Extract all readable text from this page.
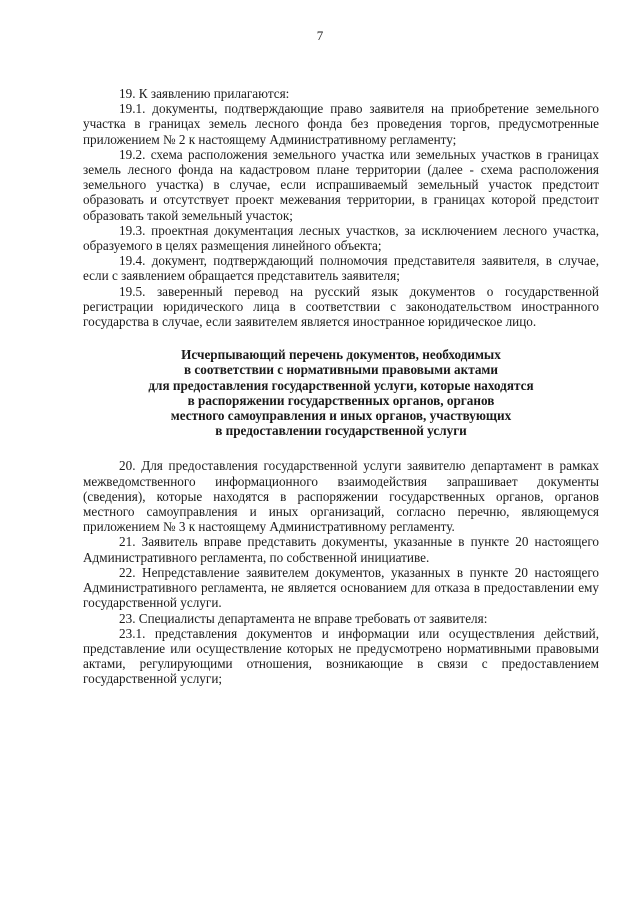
7

19. К заявлению прилагаются:

19.1. документы, подтверждающие право заявителя на приобретение земельного участка в границах земель лесного фонда без проведения торгов, предусмотренные приложением № 2 к настоящему Административному регламенту;

19.2. схема расположения земельного участка или земельных участков в границах земель лесного фонда на кадастровом плане территории (далее - схема расположения земельного участка) в случае, если испрашиваемый земельный участок предстоит образовать и отсутствует проект межевания территории, в границах которой предстоит образовать такой земельный участок;

19.3. проектная документация лесных участков, за исключением лесного участка, образуемого в целях размещения линейного объекта;

19.4. документ, подтверждающий полномочия представителя заявителя, в случае, если с заявлением обращается представитель заявителя;

19.5. заверенный перевод на русский язык документов о государственной регистрации юридического лица в соответствии с законодательством иностранного государства в случае, если заявителем является иностранное юридическое лицо.

Исчерпывающий перечень документов, необходимых
в соответствии с нормативными правовыми актами
для предоставления государственной услуги, которые находятся
в распоряжении государственных органов, органов
местного самоуправления и иных органов, участвующих
в предоставлении государственной услуги

20. Для предоставления государственной услуги заявителю департамент в рамках межведомственного информационного взаимодействия запрашивает документы (сведения), которые находятся в распоряжении государственных органов, органов местного самоуправления и иных организаций, согласно перечню, являющемуся приложением № 3 к настоящему Административному регламенту.

21. Заявитель вправе представить документы, указанные в пункте 20 настоящего Административного регламента, по собственной инициативе.

22. Непредставление заявителем документов, указанных в пункте 20 настоящего Административного регламента, не является основанием для отказа в предоставлении ему государственной услуги.

23. Специалисты департамента не вправе требовать от заявителя:

23.1. представления документов и информации или осуществления действий, представление или осуществление которых не предусмотрено нормативными правовыми актами, регулирующими отношения, возникающие в связи с предоставлением государственной услуги;
